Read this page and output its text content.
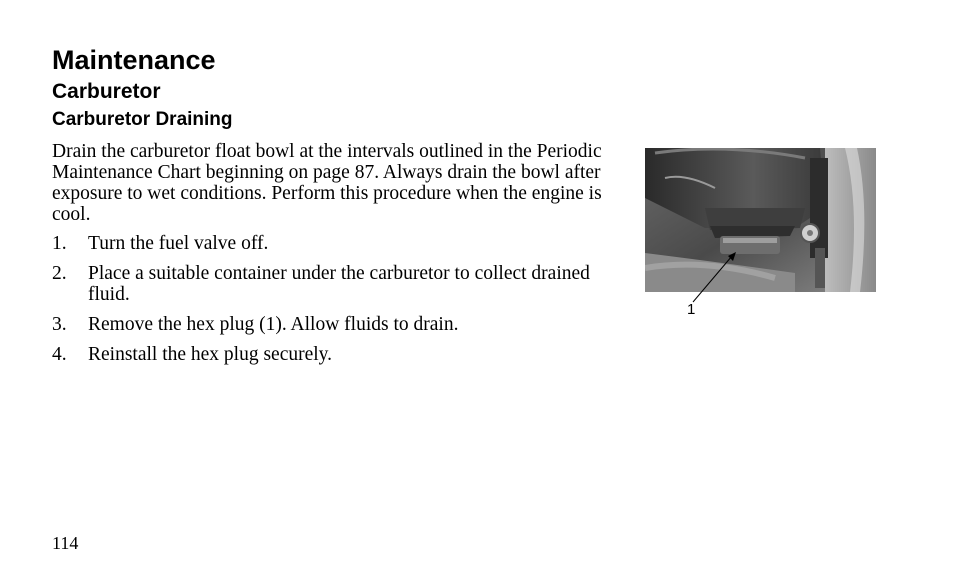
Maintenance
Carburetor
Carburetor Draining

Drain the carburetor float bowl at the intervals outlined in the Periodic Maintenance Chart beginning on page 87. Always drain the bowl after exposure to wet conditions. Perform this procedure when the engine is cool.

1. Turn the fuel valve off.
2. Place a suitable container under the carburetor to collect drained fluid.
3. Remove the hex plug (1). Allow fluids to drain.
4. Reinstall the hex plug securely.
1
114
